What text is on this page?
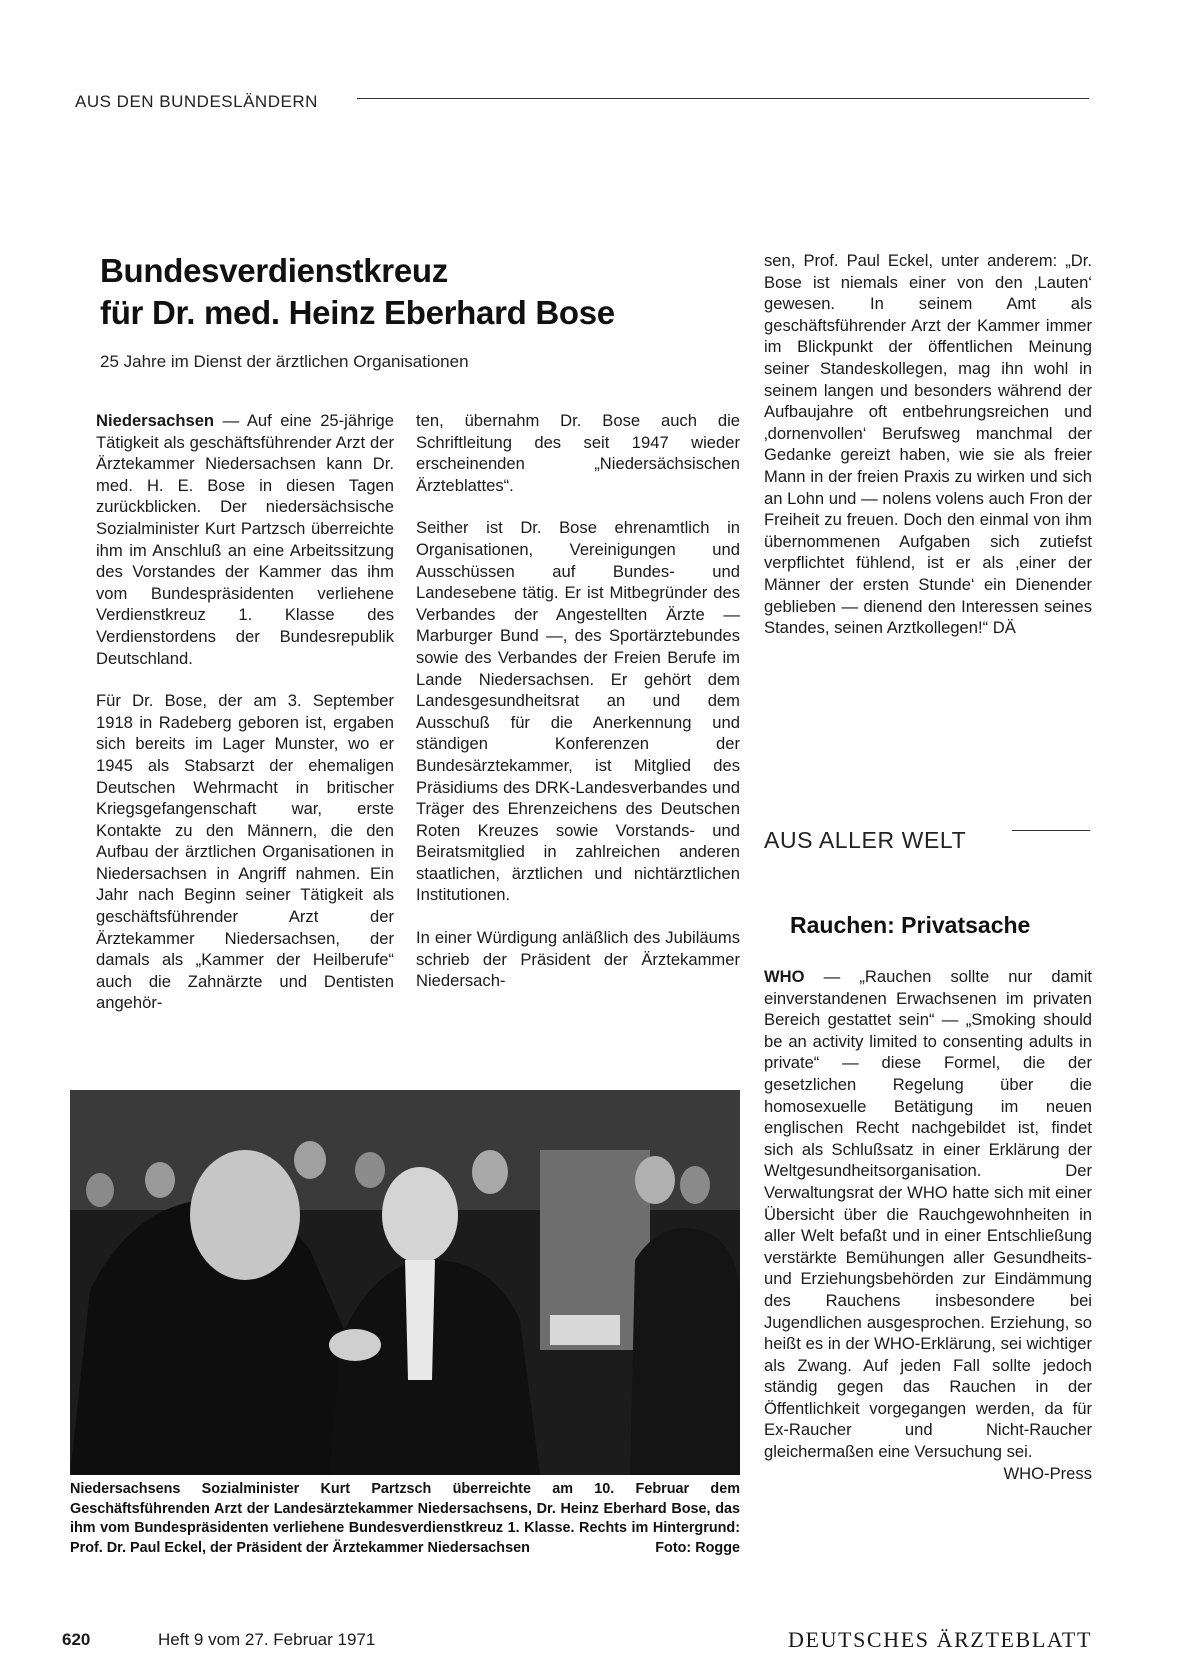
AUS DEN BUNDESLÄNDERN
Bundesverdienstkreuz
für Dr. med. Heinz Eberhard Bose
25 Jahre im Dienst der ärztlichen Organisationen

Niedersachsen — Auf eine 25-jährige Tätigkeit als geschäftsführender Arzt der Ärztekammer Niedersachsen kann Dr. med. H. E. Bose in diesen Tagen zurückblicken. Der niedersächsische Sozialminister Kurt Partzsch überreichte ihm im Anschluß an eine Arbeitssitzung des Vorstandes der Kammer das ihm vom Bundespräsidenten verliehene Verdienstkreuz 1. Klasse des Verdienstordens der Bundesrepublik Deutschland.

Für Dr. Bose, der am 3. September 1918 in Radeberg geboren ist, ergaben sich bereits im Lager Munster, wo er 1945 als Stabsarzt der ehemaligen Deutschen Wehrmacht in britischer Kriegsgefangenschaft war, erste Kontakte zu den Männern, die den Aufbau der ärztlichen Organisationen in Niedersachsen in Angriff nahmen. Ein Jahr nach Beginn seiner Tätigkeit als geschäftsführender Arzt der Ärztekammer Niedersachsen, der damals als „Kammer der Heilberufe“ auch die Zahnärzte und Dentisten angehör-

ten, übernahm Dr. Bose auch die Schriftleitung des seit 1947 wieder erscheinenden „Niedersächsischen Ärzteblattes“.

Seither ist Dr. Bose ehrenamtlich in Organisationen, Vereinigungen und Ausschüssen auf Bundes- und Landesebene tätig. Er ist Mitbegründer des Verbandes der Angestellten Ärzte — Marburger Bund —, des Sportärztebundes sowie des Verbandes der Freien Berufe im Lande Niedersachsen. Er gehört dem Landesgesundheitsrat an und dem Ausschuß für die Anerkennung und ständigen Konferenzen der Bundesärztekammer, ist Mitglied des Präsidiums des DRK-Landesverbandes und Träger des Ehrenzeichens des Deutschen Roten Kreuzes sowie Vorstands- und Beiratsmitglied in zahlreichen anderen staatlichen, ärztlichen und nichtärztlichen Institutionen.

In einer Würdigung anläßlich des Jubiläums schrieb der Präsident der Ärztekammer Niedersach-

sen, Prof. Paul Eckel, unter anderem: „Dr. Bose ist niemals einer von den ‚Lauten‘ gewesen. In seinem Amt als geschäftsführender Arzt der Kammer immer im Blickpunkt der öffentlichen Meinung seiner Standeskollegen, mag ihn wohl in seinem langen und besonders während der Aufbaujahre oft entbehrungsreichen und ‚dornenvollen‘ Berufsweg manchmal der Gedanke gereizt haben, wie sie als freier Mann in der freien Praxis zu wirken und sich an Lohn und — nolens volens auch Fron der Freiheit zu freuen. Doch den einmal von ihm übernommenen Aufgaben sich zutiefst verpflichtet fühlend, ist er als ‚einer der Männer der ersten Stunde‘ ein Dienender geblieben — dienend den Interessen seines Standes, seinen Arztkollegen!“ DÄ

Niedersachsens Sozialminister Kurt Partzsch überreichte am 10. Februar dem Geschäftsführenden Arzt der Landesärztekammer Niedersachsens, Dr. Heinz Eberhard Bose, das ihm vom Bundespräsidenten verliehene Bundesverdienstkreuz 1. Klasse. Rechts im Hintergrund: Prof. Dr. Paul Eckel, der Präsident der Ärztekammer Niedersachsen	Foto: Rogge
AUS ALLER WELT
Rauchen: Privatsache

WHO — „Rauchen sollte nur damit einverstandenen Erwachsenen im privaten Bereich gestattet sein“ — „Smoking should be an activity limited to consenting adults in private“ — diese Formel, die der gesetzlichen Regelung über die homosexuelle Betätigung im neuen englischen Recht nachgebildet ist, findet sich als Schlußsatz in einer Erklärung der Weltgesundheitsorganisation. Der Verwaltungsrat der WHO hatte sich mit einer Übersicht über die Rauchgewohnheiten in aller Welt befaßt und in einer Entschließung verstärkte Bemühungen aller Gesundheits- und Erziehungsbehörden zur Eindämmung des Rauchens insbesondere bei Jugendlichen ausgesprochen. Erziehung, so heißt es in der WHO-Erklärung, sei wichtiger als Zwang. Auf jeden Fall sollte jedoch ständig gegen das Rauchen in der Öffentlichkeit vorgegangen werden, da für Ex-Raucher und Nicht-Raucher gleichermaßen eine Versuchung sei.
WHO-Press

620	Heft 9 vom 27. Februar 1971	DEUTSCHES ÄRZTEBLATT
